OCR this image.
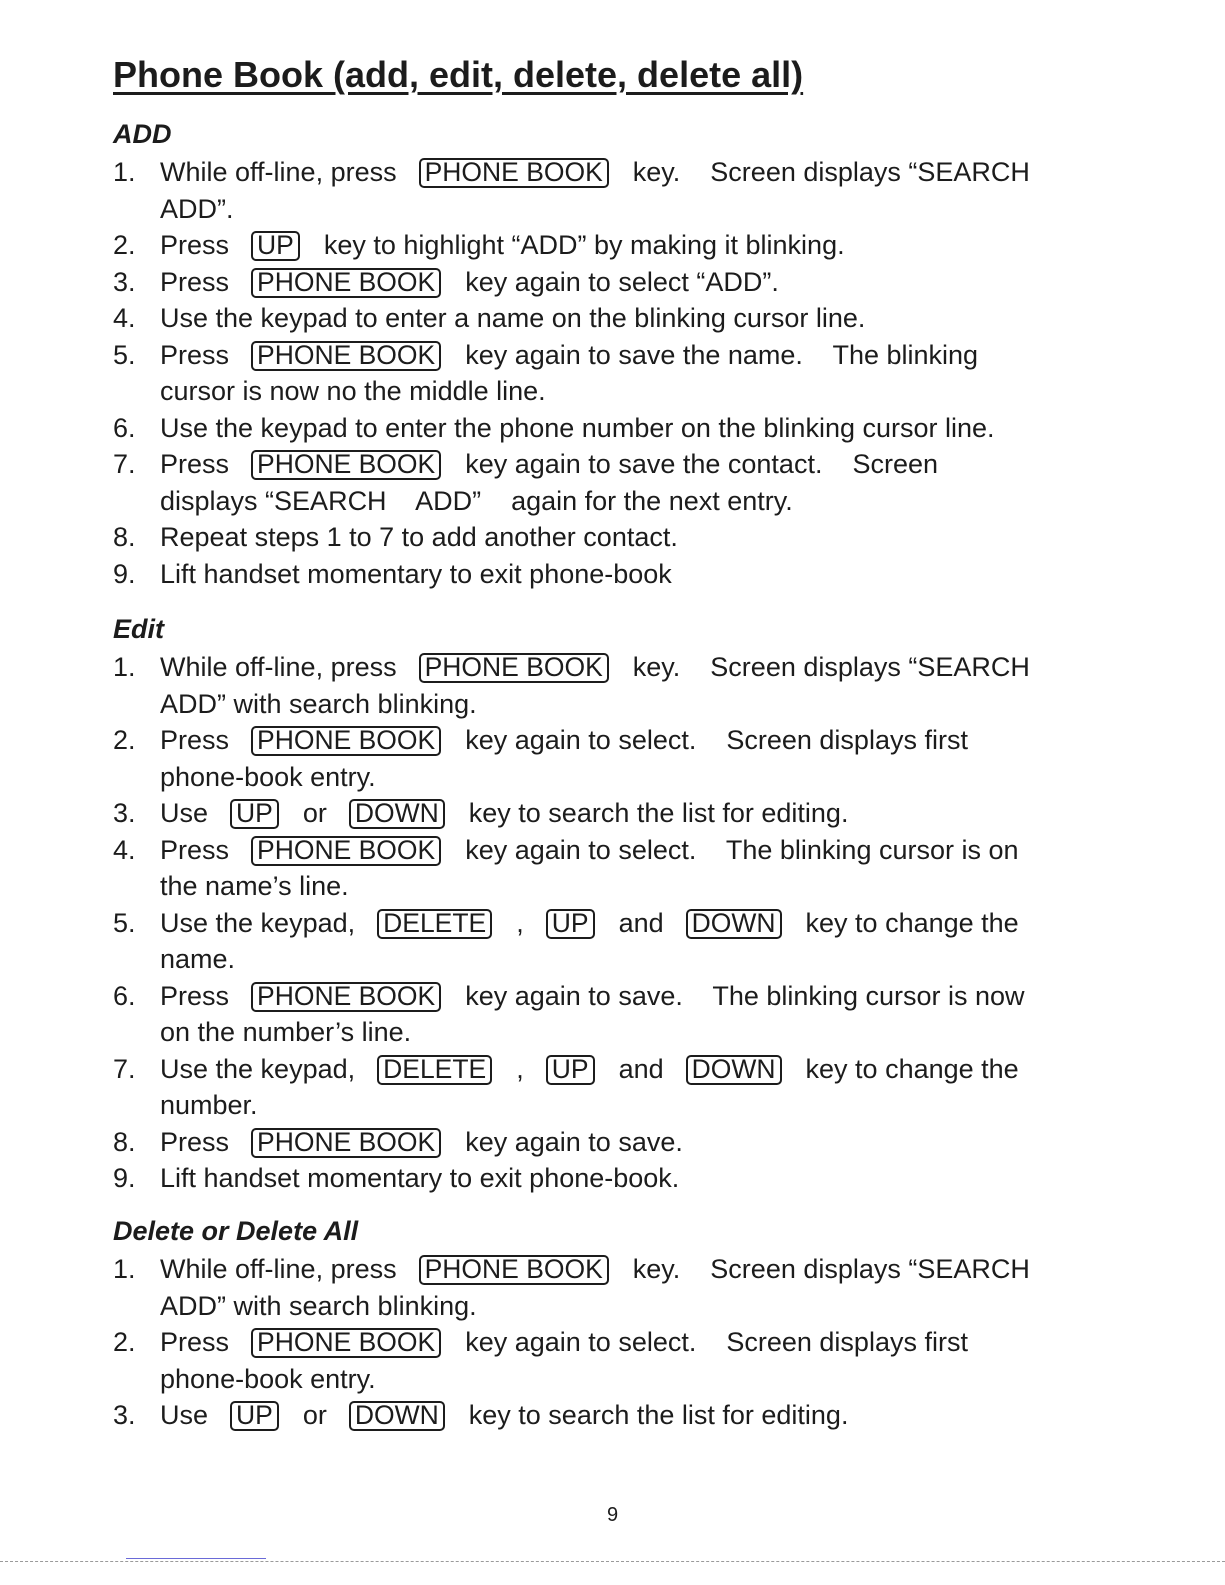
Phone Book (add, edit, delete, delete all)
ADD
1. While off-line, press PHONE BOOK key.    Screen displays “SEARCH
ADD”.
2. Press UP key to highlight “ADD” by making it blinking.
3. Press PHONE BOOK key again to select “ADD”.
4. Use the keypad to enter a name on the blinking cursor line.
5. Press PHONE BOOK key again to save the name.    The blinking
cursor is now no the middle line.
6. Use the keypad to enter the phone number on the blinking cursor line.
7. Press PHONE BOOK key again to save the contact.    Screen
displays “SEARCH    ADD”    again for the next entry.
8. Repeat steps 1 to 7 to add another contact.
9. Lift handset momentary to exit phone-book
Edit
1. While off-line, press PHONE BOOK key.    Screen displays “SEARCH
ADD” with search blinking.
2. Press PHONE BOOK key again to select.    Screen displays first
phone-book entry.
3. Use UP or DOWN key to search the list for editing.
4. Press PHONE BOOK key again to select.    The blinking cursor is on
the name’s line.
5. Use the keypad, DELETE , UP and DOWN key to change the
name.
6. Press PHONE BOOK key again to save.    The blinking cursor is now
on the number’s line.
7. Use the keypad, DELETE , UP and DOWN key to change the
number.
8. Press PHONE BOOK key again to save.
9. Lift handset momentary to exit phone-book.
Delete or Delete All
1. While off-line, press PHONE BOOK key.    Screen displays “SEARCH
ADD” with search blinking.
2. Press PHONE BOOK key again to select.    Screen displays first
phone-book entry.
3. Use UP or DOWN key to search the list for editing.
9
